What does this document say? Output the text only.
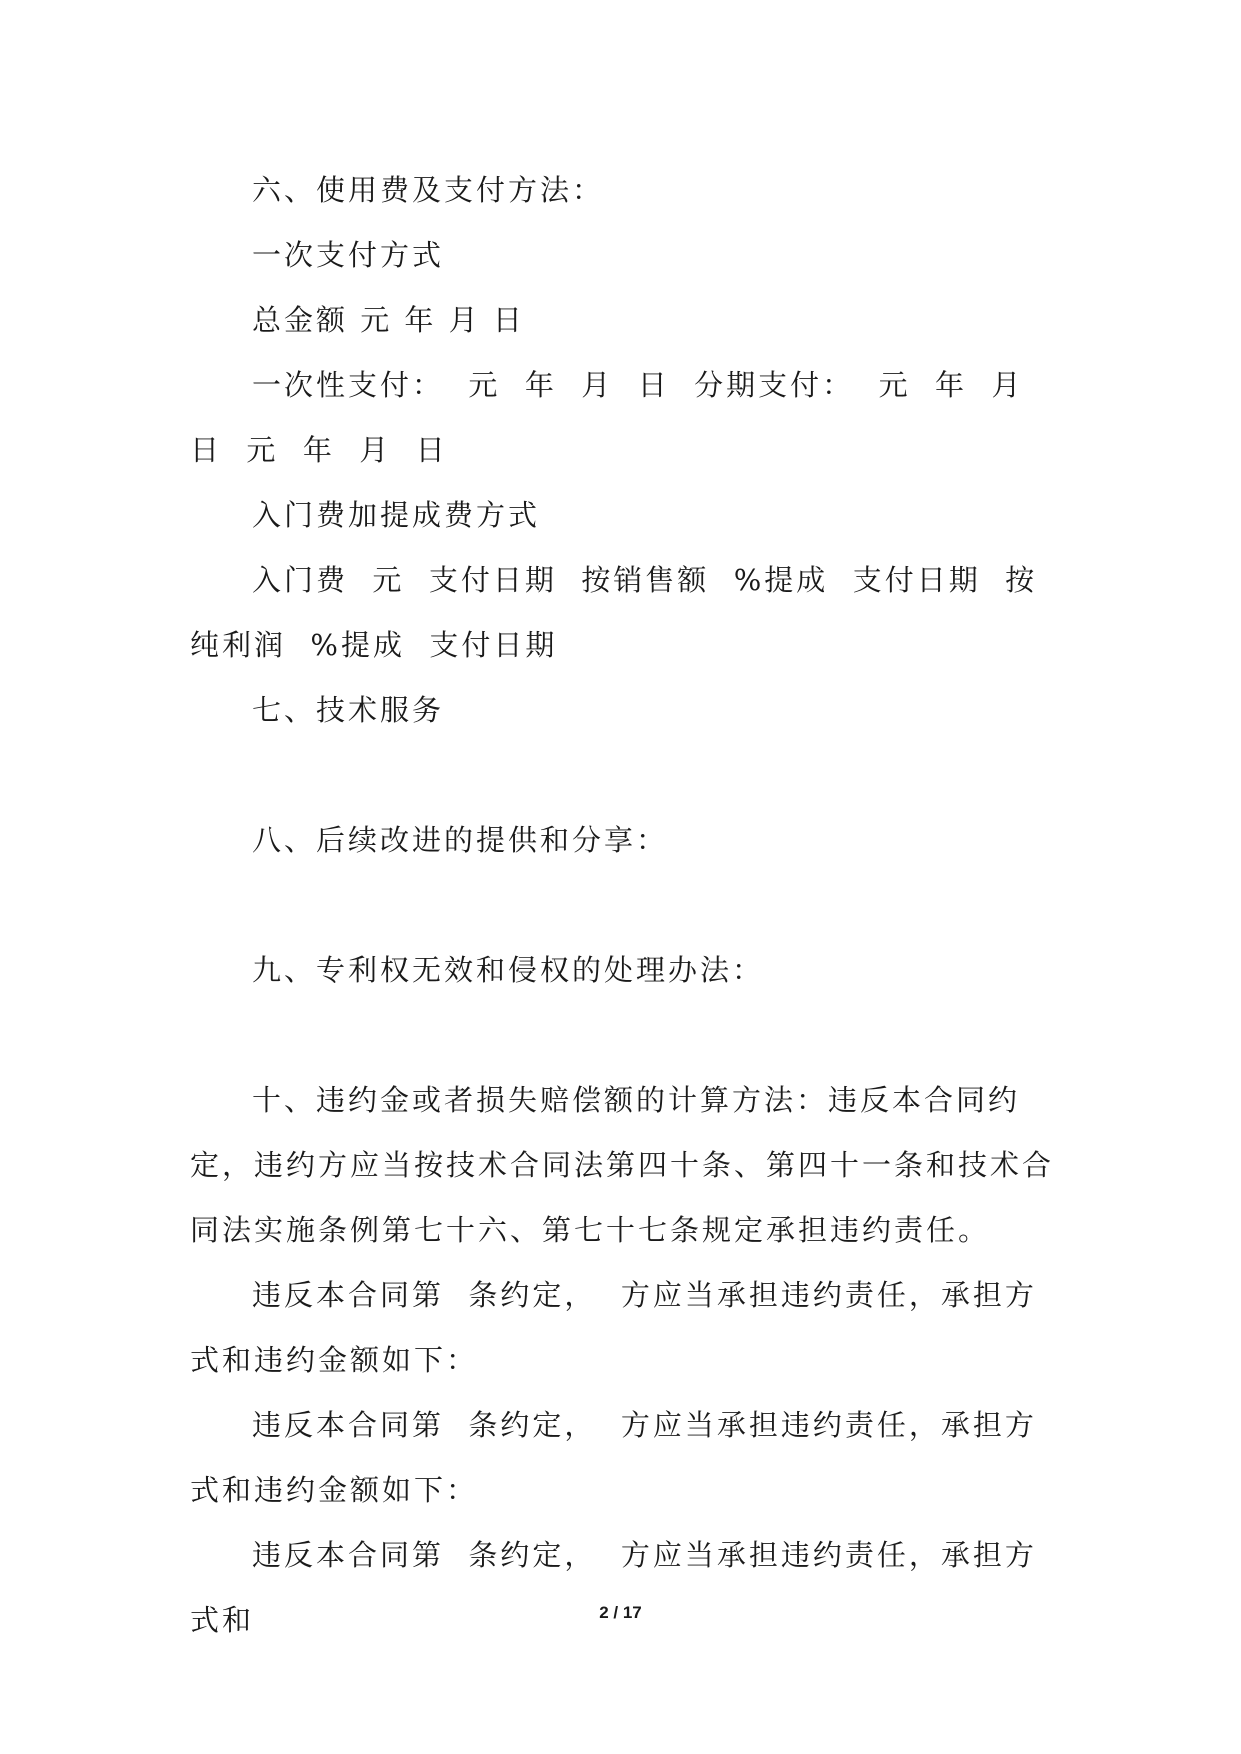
六、使用费及支付方法：

一次支付方式

总金额 元 年 月 日

一次性支付：  元  年  月  日  分期支付：  元  年  月  日  元  年  月  日

入门费加提成费方式

入门费  元  支付日期  按销售额  %提成  支付日期  按纯利润  %提成  支付日期

七、技术服务

八、后续改进的提供和分享：

九、专利权无效和侵权的处理办法：

十、违约金或者损失赔偿额的计算方法：违反本合同约定，违约方应当按技术合同法第四十条、第四十一条和技术合同法实施条例第七十六、第七十七条规定承担违约责任。

违反本合同第  条约定，  方应当承担违约责任，承担方式和违约金额如下：

违反本合同第  条约定，  方应当承担违约责任，承担方式和违约金额如下：

违反本合同第  条约定，  方应当承担违约责任，承担方式和	2 / 17
